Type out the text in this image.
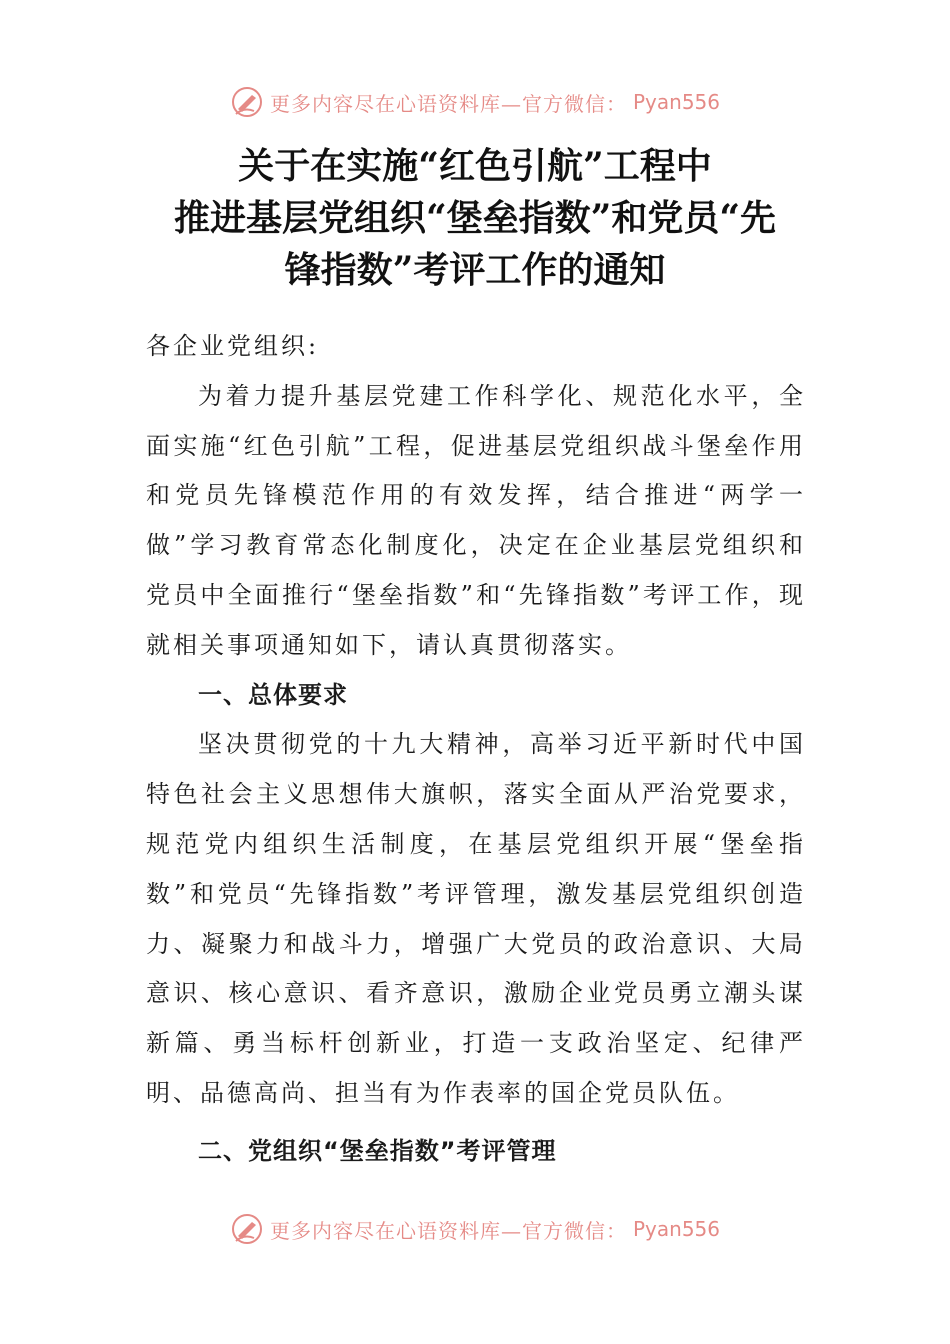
更多内容尽在心语资料库—官方微信： Pyan556
关于在实施“红色引航”工程中
推进基层党组织“堡垒指数”和党员“先
锋指数”考评工作的通知

各企业党组织:

为着力提升基层党建工作科学化、规范化水平，全面实施“红色引航”工程，促进基层党组织战斗堡垒作用和党员先锋模范作用的有效发挥，结合推进“两学一做”学习教育常态化制度化，决定在企业基层党组织和党员中全面推行“堡垒指数”和“先锋指数”考评工作，现就相关事项通知如下，请认真贯彻落实。

一、总体要求

坚决贯彻党的十九大精神，高举习近平新时代中国特色社会主义思想伟大旗帜，落实全面从严治党要求，规范党内组织生活制度，在基层党组织开展“堡垒指数”和党员“先锋指数”考评管理，激发基层党组织创造力、凝聚力和战斗力，增强广大党员的政治意识、大局意识、核心意识、看齐意识，激励企业党员勇立潮头谋新篇、勇当标杆创新业，打造一支政治坚定、纪律严明、品德高尚、担当有为作表率的国企党员队伍。

二、党组织“堡垒指数”考评管理

更多内容尽在心语资料库—官方微信： Pyan556
